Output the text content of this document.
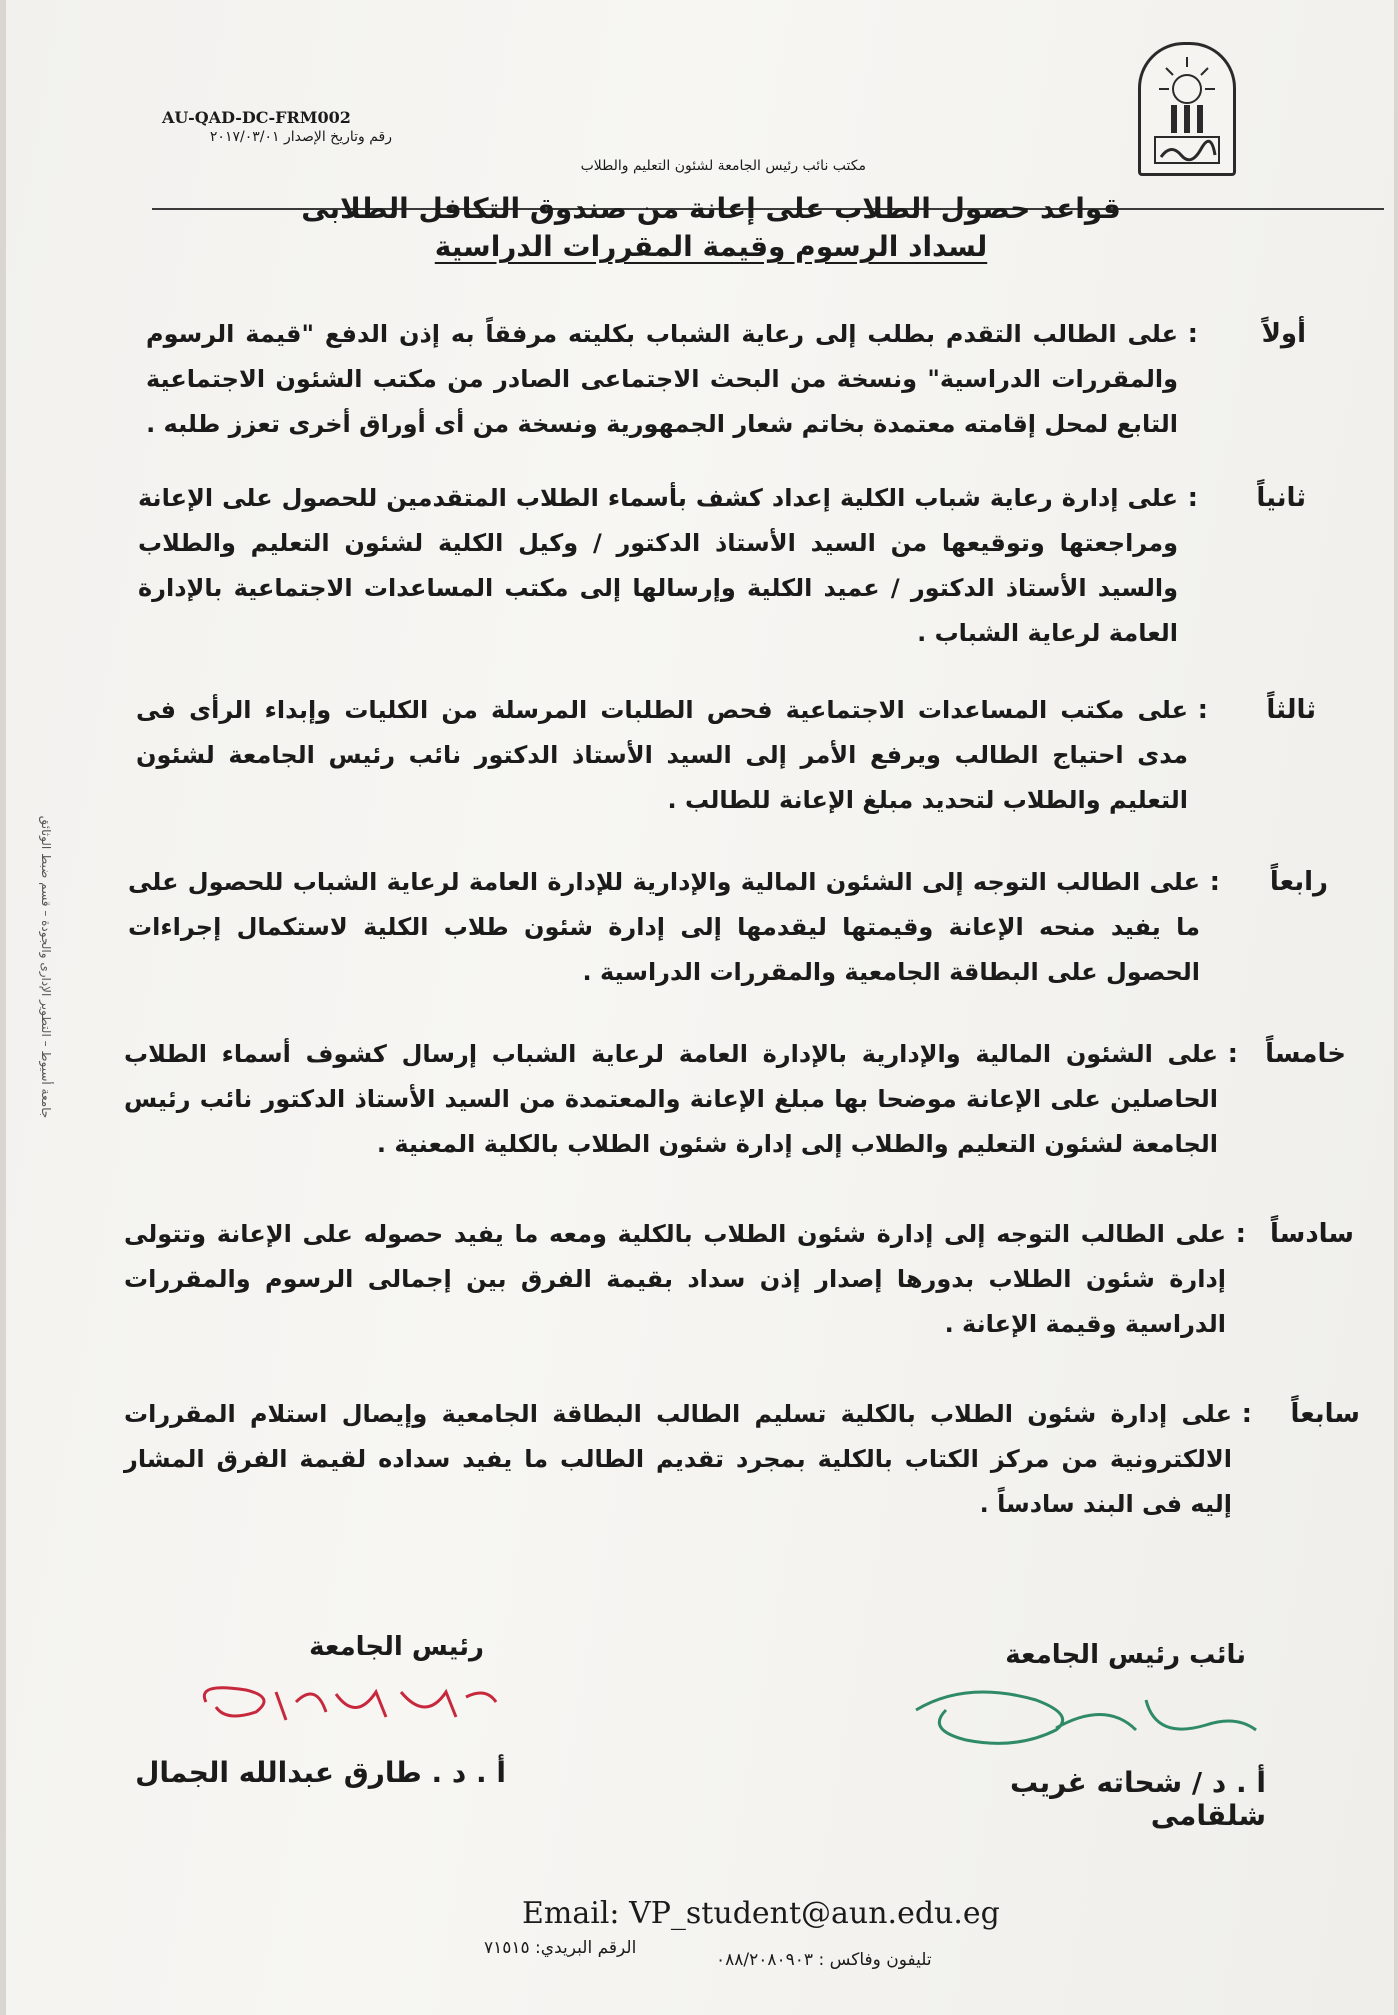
AU-QAD-DC-FRM002
رقم وتاريخ الإصدار ٢٠١٧/٠٣/٠١
مكتب نائب رئيس الجامعة لشئون التعليم والطلاب
قواعد حصول الطلاب على إعانة من صندوق التكافل الطلابى
لسداد الرسوم وقيمة المقررات الدراسية
أولاً
:
على الطالب التقدم بطلب إلى رعاية الشباب بكليته مرفقاً به إذن الدفع "قيمة الرسوم والمقررات الدراسية" ونسخة من البحث الاجتماعى الصادر من مكتب الشئون الاجتماعية التابع لمحل إقامته معتمدة بخاتم شعار الجمهورية ونسخة من أى أوراق أخرى تعزز طلبه .
ثانياً
:
على إدارة رعاية شباب الكلية إعداد كشف بأسماء الطلاب المتقدمين للحصول على الإعانة ومراجعتها وتوقيعها من السيد الأستاذ الدكتور / وكيل الكلية لشئون التعليم والطلاب والسيد الأستاذ الدكتور / عميد الكلية وإرسالها إلى مكتب المساعدات الاجتماعية بالإدارة العامة لرعاية الشباب .
ثالثاً
:
على مكتب المساعدات الاجتماعية فحص الطلبات المرسلة من الكليات وإبداء الرأى فى مدى احتياج الطالب ويرفع الأمر إلى السيد الأستاذ الدكتور نائب رئيس الجامعة لشئون التعليم والطلاب لتحديد مبلغ الإعانة للطالب .
رابعاً
:
على الطالب التوجه إلى الشئون المالية والإدارية للإدارة العامة لرعاية الشباب للحصول على ما يفيد منحه الإعانة وقيمتها ليقدمها إلى إدارة شئون طلاب الكلية لاستكمال إجراءات الحصول على البطاقة الجامعية والمقررات الدراسية .
خامساً
:
على الشئون المالية والإدارية بالإدارة العامة لرعاية الشباب إرسال كشوف أسماء الطلاب الحاصلين على الإعانة موضحا بها مبلغ الإعانة والمعتمدة من السيد الأستاذ الدكتور نائب رئيس الجامعة لشئون التعليم والطلاب إلى إدارة شئون الطلاب بالكلية المعنية .
سادساً
:
على الطالب التوجه إلى إدارة شئون الطلاب بالكلية ومعه ما يفيد حصوله على الإعانة وتتولى إدارة شئون الطلاب بدورها إصدار إذن سداد بقيمة الفرق بين إجمالى الرسوم والمقررات الدراسية وقيمة الإعانة .
سابعاً
:
على إدارة شئون الطلاب بالكلية تسليم الطالب البطاقة الجامعية وإيصال استلام المقررات الالكترونية من مركز الكتاب بالكلية بمجرد تقديم الطالب ما يفيد سداده لقيمة الفرق المشار إليه فى البند سادساً .
نائب رئيس الجامعة
أ . د / شحاته غريب شلقامى
رئيس الجامعة
أ . د . طارق عبدالله الجمال
Email: VP_student@aun.edu.eg
تليفون وفاكس : ٠٨٨/٢٠٨٠٩٠٣
الرقم البريدي: ٧١٥١٥
جامعة أسيوط – التطوير الإدارى والجودة – قسم ضبط الوثائق
